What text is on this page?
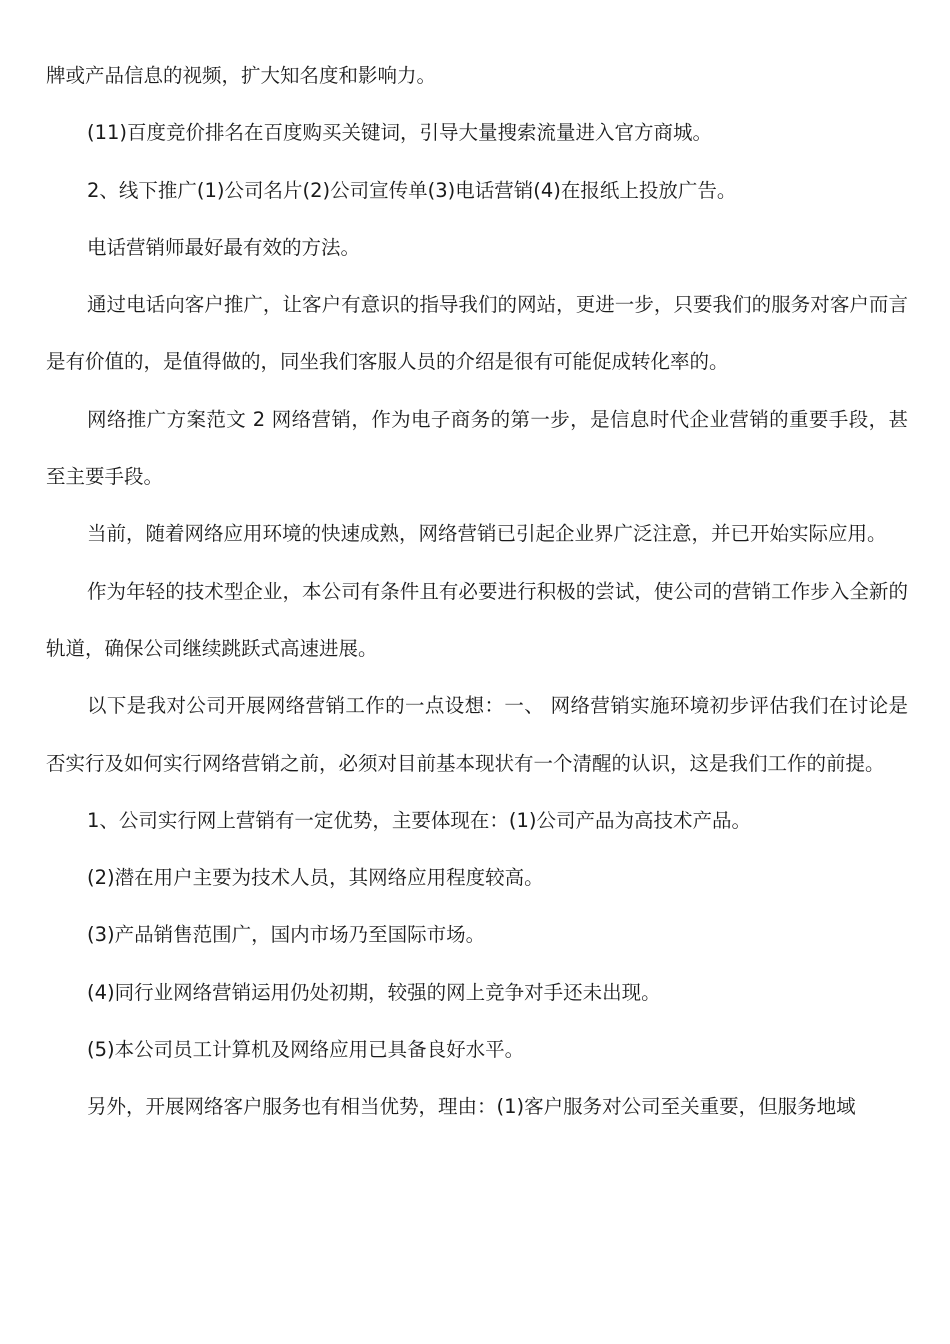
牌或产品信息的视频，扩大知名度和影响力。

(11)百度竞价排名在百度购买关键词，引导大量搜索流量进入官方商城。

2、线下推广(1)公司名片(2)公司宣传单(3)电话营销(4)在报纸上投放广告。

电话营销师最好最有效的方法。

通过电话向客户推广，让客户有意识的指导我们的网站，更进一步，只要我们的服务对客户而言是有价值的，是值得做的，同坐我们客服人员的介绍是很有可能促成转化率的。

网络推广方案范文 2 网络营销，作为电子商务的第一步，是信息时代企业营销的重要手段，甚至主要手段。

当前，随着网络应用环境的快速成熟，网络营销已引起企业界广泛注意，并已开始实际应用。

作为年轻的技术型企业，本公司有条件且有必要进行积极的尝试，使公司的营销工作步入全新的轨道，确保公司继续跳跃式高速进展。

以下是我对公司开展网络营销工作的一点设想：一、 网络营销实施环境初步评估我们在讨论是否实行及如何实行网络营销之前，必须对目前基本现状有一个清醒的认识，这是我们工作的前提。

1、公司实行网上营销有一定优势，主要体现在：(1)公司产品为高技术产品。

(2)潜在用户主要为技术人员，其网络应用程度较高。

(3)产品销售范围广，国内市场乃至国际市场。

(4)同行业网络营销运用仍处初期，较强的网上竞争对手还未出现。

(5)本公司员工计算机及网络应用已具备良好水平。

另外，开展网络客户服务也有相当优势，理由：(1)客户服务对公司至关重要，但服务地域
